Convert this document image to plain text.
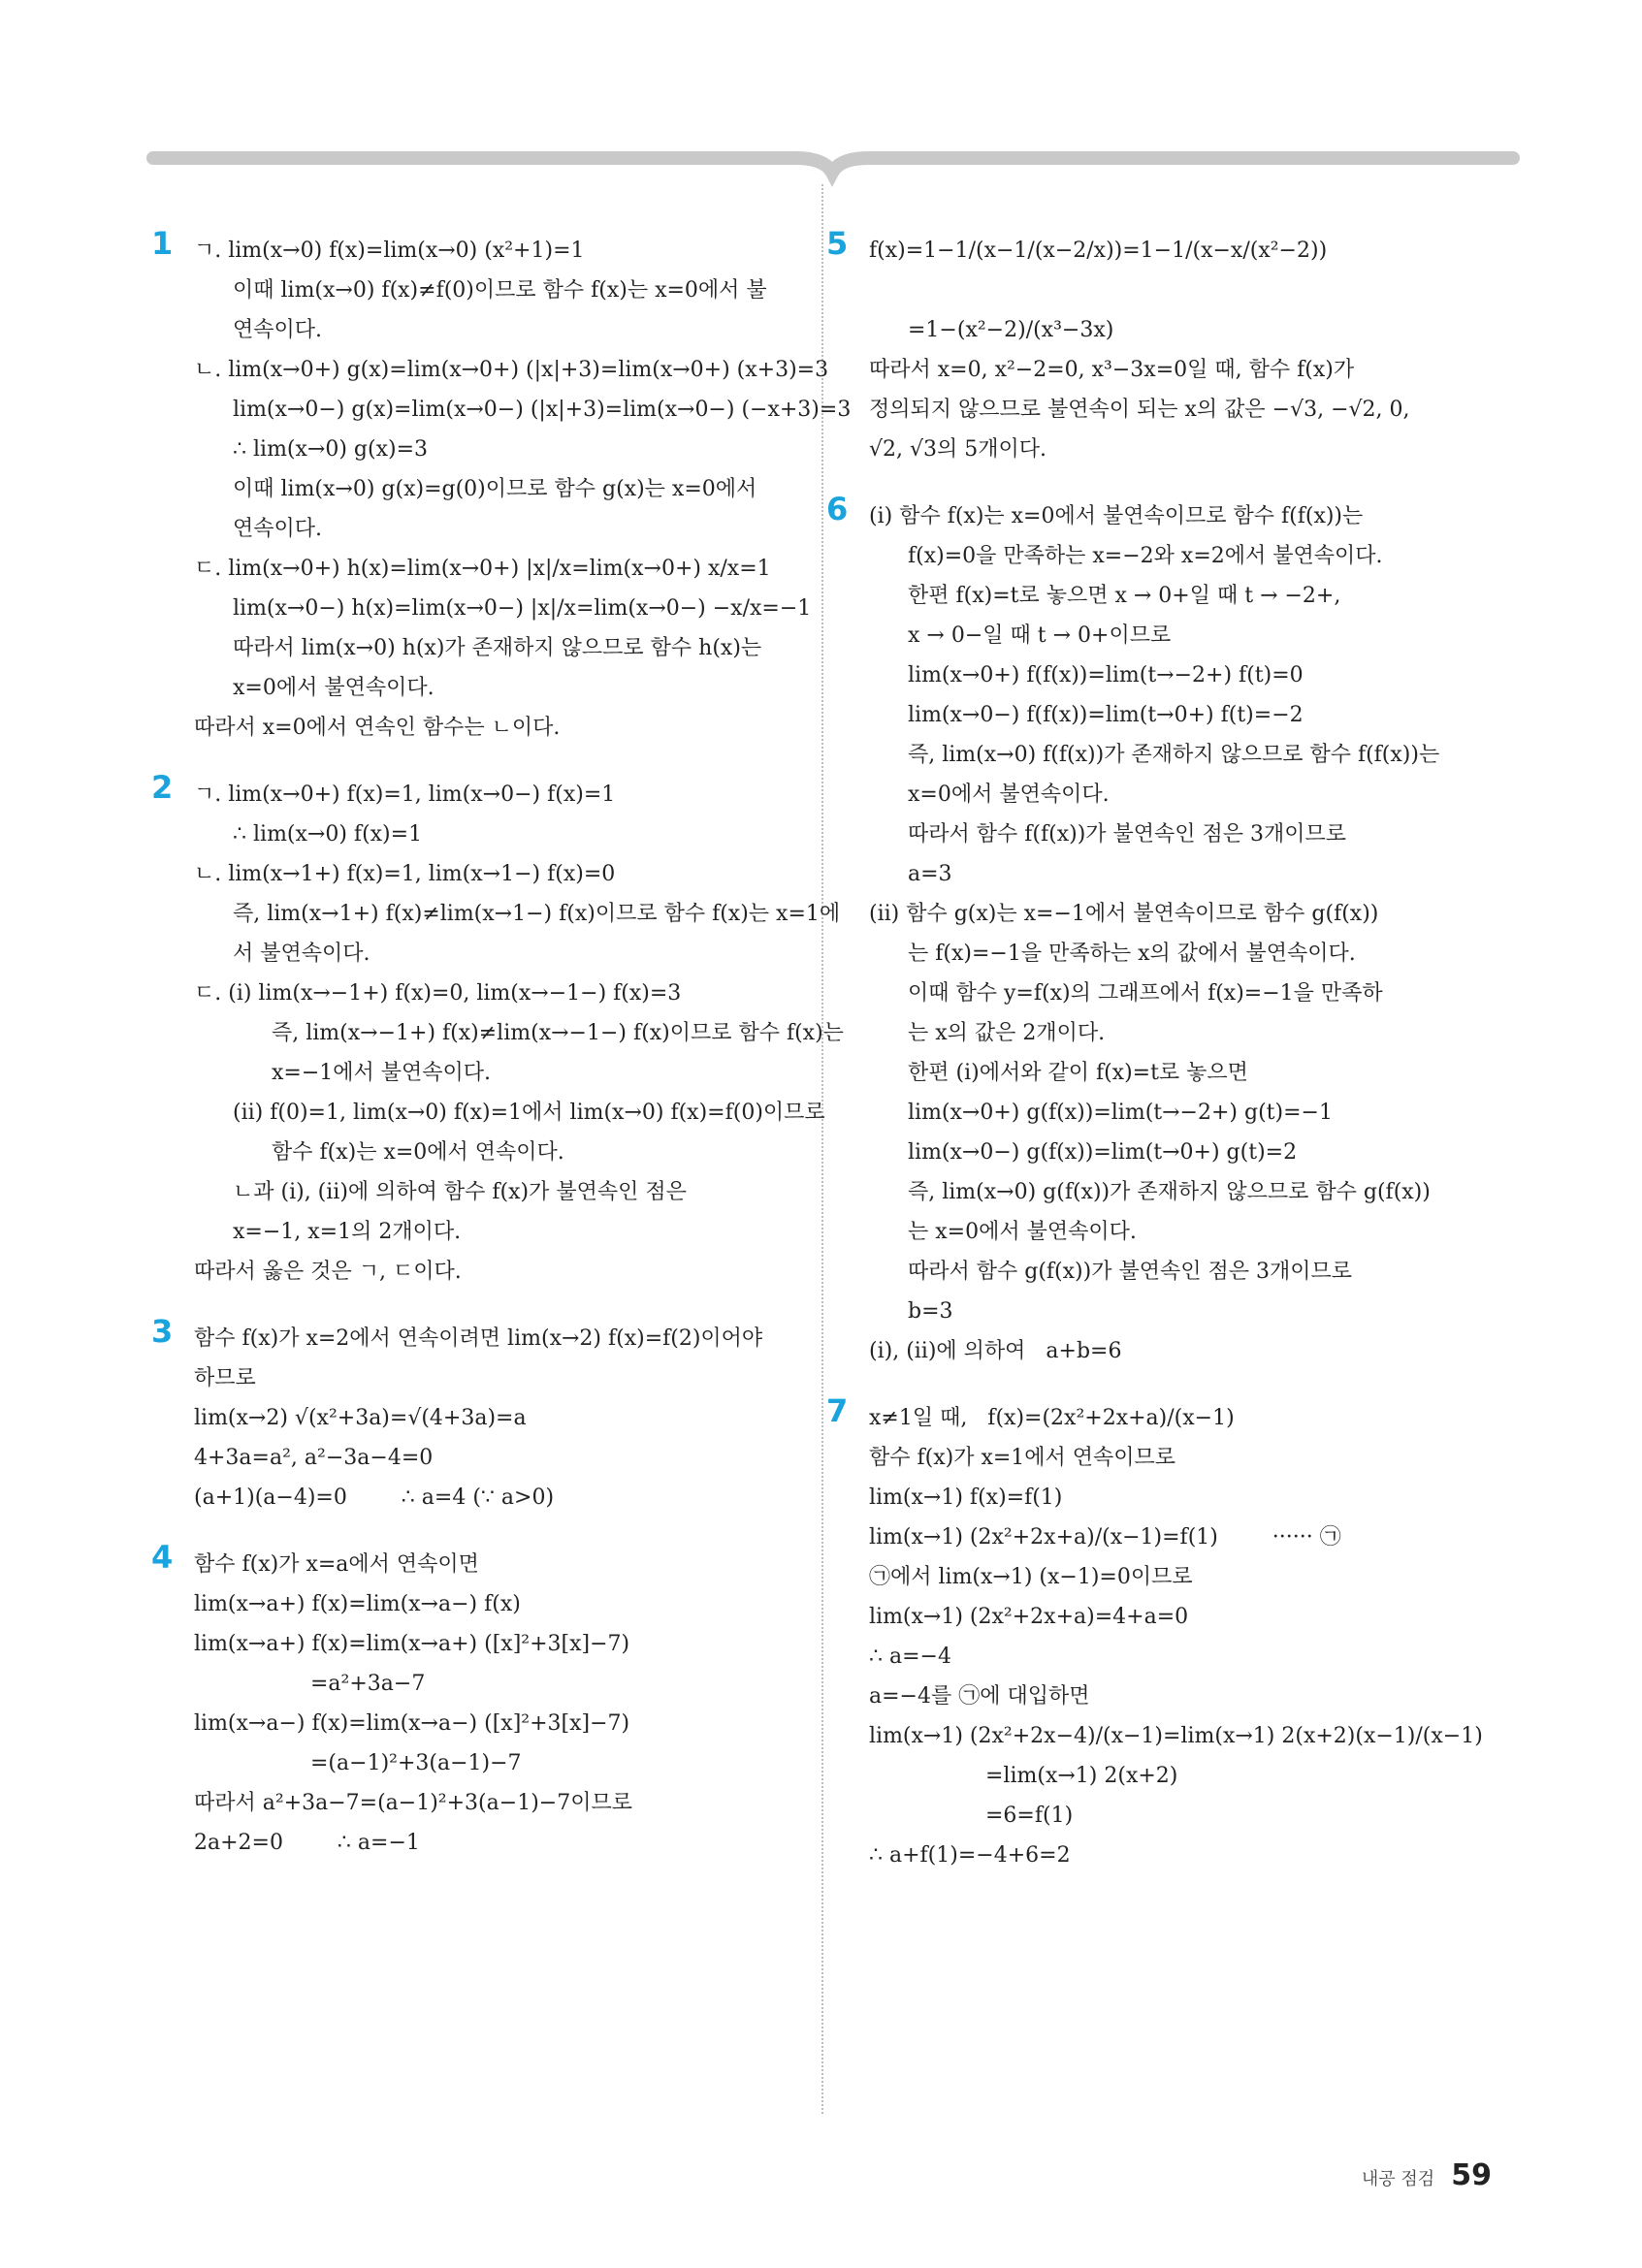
1 ㄱ. lim(x→0) f(x)=lim(x→0) (x²+1)=1
이때 lim(x→0) f(x)≠f(0)이므로 함수 f(x)는 x=0에서 불
연속이다.
ㄴ. lim(x→0+) g(x)=lim(x→0+) (|x|+3)=lim(x→0+) (x+3)=3
lim(x→0−) g(x)=lim(x→0−) (|x|+3)=lim(x→0−) (−x+3)=3
∴ lim(x→0) g(x)=3
이때 lim(x→0) g(x)=g(0)이므로 함수 g(x)는 x=0에서
연속이다.
ㄷ. lim(x→0+) h(x)=lim(x→0+) |x|/x=lim(x→0+) x/x=1
lim(x→0−) h(x)=lim(x→0−) |x|/x=lim(x→0−) −x/x=−1
따라서 lim(x→0) h(x)가 존재하지 않으므로 함수 h(x)는
x=0에서 불연속이다.
따라서 x=0에서 연속인 함수는 ㄴ이다.
2 ㄱ. lim(x→0+) f(x)=1, lim(x→0−) f(x)=1
∴ lim(x→0) f(x)=1
ㄴ. lim(x→1+) f(x)=1, lim(x→1−) f(x)=0
즉, lim(x→1+) f(x)≠lim(x→1−) f(x)이므로 함수 f(x)는 x=1에
서 불연속이다.
ㄷ. (ⅰ) lim(x→−1+) f(x)=0, lim(x→−1−) f(x)=3
즉, lim(x→−1+) f(x)≠lim(x→−1−) f(x)이므로 함수 f(x)는
x=−1에서 불연속이다.
(ⅱ) f(0)=1, lim(x→0) f(x)=1에서 lim(x→0) f(x)=f(0)이므로
함수 f(x)는 x=0에서 연속이다.
ㄴ과 (ⅰ), (ⅱ)에 의하여 함수 f(x)가 불연속인 점은
x=−1, x=1의 2개이다.
따라서 옳은 것은 ㄱ, ㄷ이다.
3 함수 f(x)가 x=2에서 연속이려면 lim(x→2) f(x)=f(2)이어야
하므로
lim(x→2) √(x²+3a)=√(4+3a)=a
4+3a=a², a²−3a−4=0
(a+1)(a−4)=0        ∴ a=4 (∵ a>0)
4 함수 f(x)가 x=a에서 연속이면
lim(x→a+) f(x)=lim(x→a−) f(x)
lim(x→a+) f(x)=lim(x→a+) ([x]²+3[x]−7)
=a²+3a−7
lim(x→a−) f(x)=lim(x→a−) ([x]²+3[x]−7)
=(a−1)²+3(a−1)−7
따라서 a²+3a−7=(a−1)²+3(a−1)−7이므로
2a+2=0        ∴ a=−1
5 f(x)=1−1/(x−1/(x−2/x))=1−1/(x−x/(x²−2))
=1−(x²−2)/(x³−3x)
따라서 x=0, x²−2=0, x³−3x=0일 때, 함수 f(x)가
정의되지 않으므로 불연속이 되는 x의 값은 −√3, −√2, 0,
√2, √3의 5개이다.
6 (ⅰ) 함수 f(x)는 x=0에서 불연속이므로 함수 f(f(x))는
f(x)=0을 만족하는 x=−2와 x=2에서 불연속이다.
한편 f(x)=t로 놓으면 x → 0+일 때 t → −2+,
x → 0−일 때 t → 0+이므로
lim(x→0+) f(f(x))=lim(t→−2+) f(t)=0
lim(x→0−) f(f(x))=lim(t→0+) f(t)=−2
즉, lim(x→0) f(f(x))가 존재하지 않으므로 함수 f(f(x))는
x=0에서 불연속이다.
따라서 함수 f(f(x))가 불연속인 점은 3개이므로
a=3
(ⅱ) 함수 g(x)는 x=−1에서 불연속이므로 함수 g(f(x))
는 f(x)=−1을 만족하는 x의 값에서 불연속이다.
이때 함수 y=f(x)의 그래프에서 f(x)=−1을 만족하
는 x의 값은 2개이다.
한편 (ⅰ)에서와 같이 f(x)=t로 놓으면
lim(x→0+) g(f(x))=lim(t→−2+) g(t)=−1
lim(x→0−) g(f(x))=lim(t→0+) g(t)=2
즉, lim(x→0) g(f(x))가 존재하지 않으므로 함수 g(f(x))
는 x=0에서 불연속이다.
따라서 함수 g(f(x))가 불연속인 점은 3개이므로
b=3
(ⅰ), (ⅱ)에 의하여   a+b=6
7 x≠1일 때,   f(x)=(2x²+2x+a)/(x−1)
함수 f(x)가 x=1에서 연속이므로
lim(x→1) f(x)=f(1)
lim(x→1) (2x²+2x+a)/(x−1)=f(1)        ······ ㉠
㉠에서 lim(x→1) (x−1)=0이므로
lim(x→1) (2x²+2x+a)=4+a=0
∴ a=−4
a=−4를 ㉠에 대입하면
lim(x→1) (2x²+2x−4)/(x−1)=lim(x→1) 2(x+2)(x−1)/(x−1)
=lim(x→1) 2(x+2)
=6=f(1)
∴ a+f(1)=−4+6=2
내공 점검 59
